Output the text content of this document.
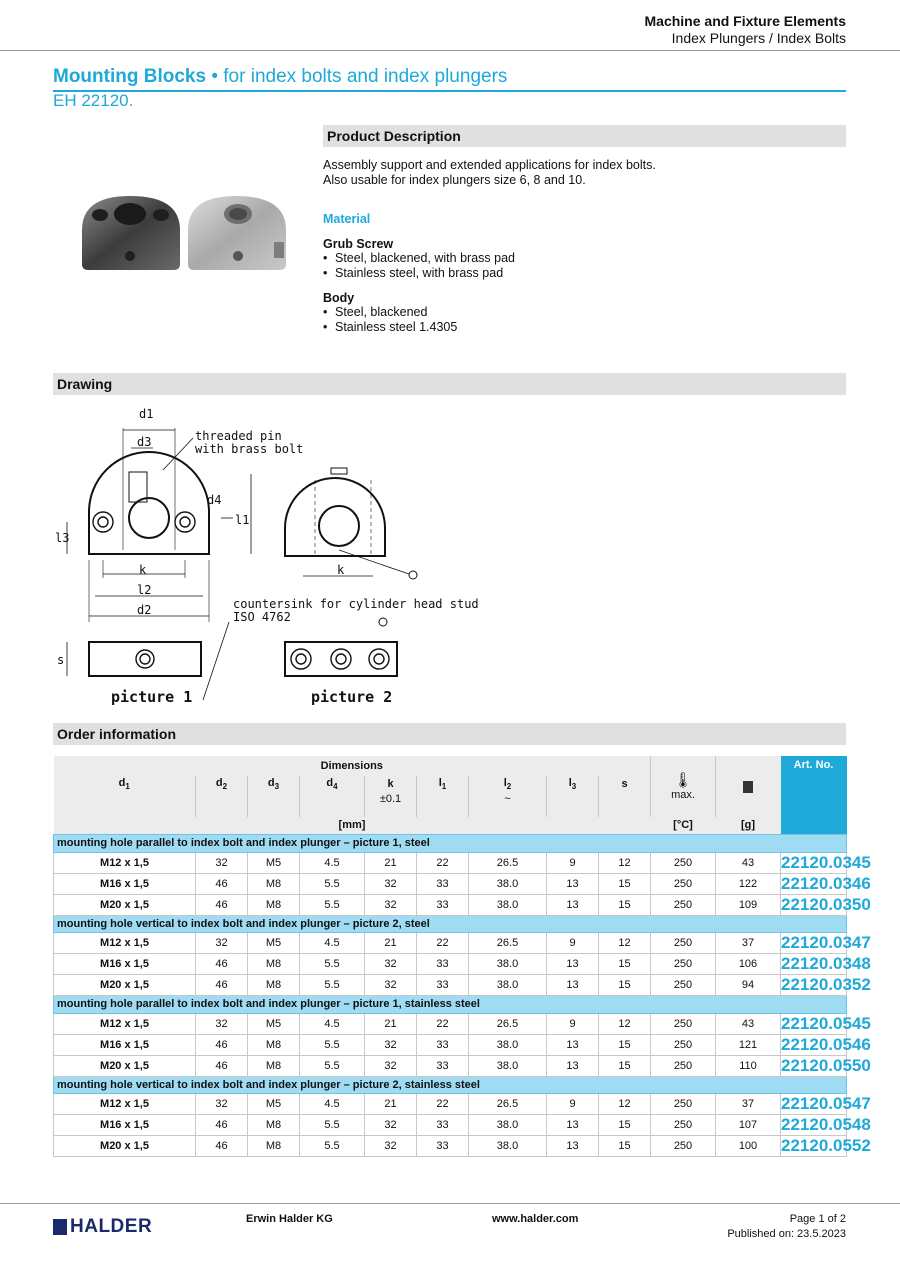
Machine and Fixture Elements
Index Plungers / Index Bolts
Mounting Blocks • for index bolts and index plungers
EH 22120.
Product Description
Assembly support and extended applications for index bolts.
Also usable for index plungers size 6, 8 and 10.
Material
Grub Screw
• Steel, blackened, with brass pad
• Stainless steel, with brass pad
Body
• Steel, blackened
• Stainless steel 1.4305
Drawing
d1
d3	threaded pin
with brass bolt
d4
l1
l3
k
l2
d2
k
countersink for cylinder head stud
ISO 4762
s
picture 1	picture 2
Order information
Dimensions									🌡
max.		Art. No.
$d_1$	$d_2$	$d_3$	$d_4$	k	$l_1$	$l_2$	$l_3$	s			
				±0.1		~					
[mm]									[°C]	[g]	
mounting hole parallel to index bolt and index plunger – picture 1, steel											
M12 x 1,5	32	M5	4.5	21	22	26.5	9	12	250	43	22120.0345
M16 x 1,5	46	M8	5.5	32	33	38.0	13	15	250	122	22120.0346
M20 x 1,5	46	M8	5.5	32	33	38.0	13	15	250	109	22120.0350
mounting hole vertical to index bolt and index plunger – picture 2, steel											
M12 x 1,5	32	M5	4.5	21	22	26.5	9	12	250	37	22120.0347
M16 x 1,5	46	M8	5.5	32	33	38.0	13	15	250	106	22120.0348
M20 x 1,5	46	M8	5.5	32	33	38.0	13	15	250	94	22120.0352
mounting hole parallel to index bolt and index plunger – picture 1, stainless steel											
M12 x 1,5	32	M5	4.5	21	22	26.5	9	12	250	43	22120.0545
M16 x 1,5	46	M8	5.5	32	33	38.0	13	15	250	121	22120.0546
M20 x 1,5	46	M8	5.5	32	33	38.0	13	15	250	110	22120.0550
mounting hole vertical to index bolt and index plunger – picture 2, stainless steel											
M12 x 1,5	32	M5	4.5	21	22	26.5	9	12	250	37	22120.0547
M16 x 1,5	46	M8	5.5	32	33	38.0	13	15	250	107	22120.0548
M20 x 1,5	46	M8	5.5	32	33	38.0	13	15	250	100	22120.0552
HALDER	Erwin Halder KG	www.halder.com	Page 1 of 2
Published on: 23.5.2023
